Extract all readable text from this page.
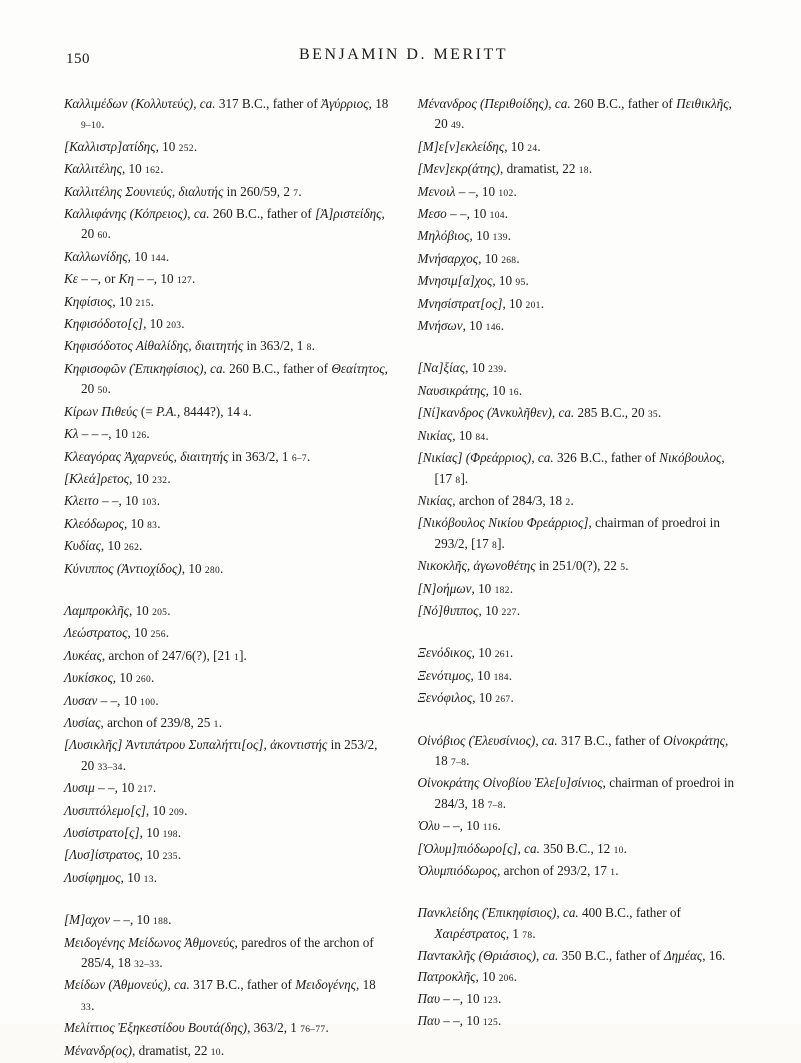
150	BENJAMIN D. MERITT

Καλλιμέδων (Κολλυτεύς), ca. 317 B.C., father of Ἀγύρριος, 18 9–10.

[Καλλιστρ]ατίδης, 10 252.

Καλλιτέλης, 10 162.

Καλλιτέλης Σουνιεύς, διαλυτής in 260/59, 2 7.

Καλλιφάνης (Κόπρειος), ca. 260 B.C., father of [Ἀ]ριστείδης, 20 60.

Καλλωνίδης, 10 144.

Κε – –, or Κη – –, 10 127.

Κηφίσιος, 10 215.

Κηφισόδοτο[ς], 10 203.

Κηφισόδοτος Αἰθαλίδης, διαιτητής in 363/2, 1 8.

Κηφισοφῶν (Ἐπικηφίσιος), ca. 260 B.C., father of Θεαίτητος, 20 50.

Κίρων Πιθεύς (= P.A., 8444?), 14 4.

Κλ – – –, 10 126.

Κλεαγόρας Ἀχαρνεύς, διαιτητής in 363/2, 1 6–7.

[Κλεά]ρετος, 10 232.

Κλειτο – –, 10 103.

Κλεόδωρος, 10 83.

Κυδίας, 10 262.

Κύνιππος (Ἀντιοχίδος), 10 280.

Λαμπροκλῆς, 10 205.

Λεώστρατος, 10 256.

Λυκέας, archon of 247/6(?), [21 1].

Λυκίσκος, 10 260.

Λυσαν – –, 10 100.

Λυσίας, archon of 239/8, 25 1.

[Λυσικλῆς] Ἀντιπάτρου Συπαλήττι[ος], ἀκοντιστής in 253/2, 20 33–34.

Λυσιμ – –, 10 217.

Λυσιπτόλεμο[ς], 10 209.

Λυσίστρατο[ς], 10 198.

[Λυσ]ίστρατος, 10 235.

Λυσίφημος, 10 13.

[Μ]αχον – –, 10 188.

Μειδογένης Μείδωνος Ἀθμονεύς, paredros of the archon of 285/4, 18 32–33.

Μείδων (Ἀθμονεύς), ca. 317 B.C., father of Μειδογένης, 18 33.

Μελίττιος Ἐξηκεστίδου Βουτά(δης), 363/2, 1 76–77.

Μένανδρ(ος), dramatist, 22 10.

Μένανδρος (Περιθοίδης), ca. 260 B.C., father of Πειθικλῆς, 20 49.

[Μ]ε[ν]εκλείδης, 10 24.

[Μεν]εκρ(άτης), dramatist, 22 18.

Μενοιλ – –, 10 102.

Μεσο – –, 10 104.

Μηλόβιος, 10 139.

Μνήσαρχος, 10 268.

Μνησιμ[α]χος, 10 95.

Μνησίστρατ[ος], 10 201.

Μνήσων, 10 146.

[Να]ξίας, 10 239.

Ναυσικράτης, 10 16.

[Νί]κανδρος (Ἀνκυλῆθεν), ca. 285 B.C., 20 35.

Νικίας, 10 84.

[Νικίας] (Φρεάρριος), ca. 326 B.C., father of Νικόβουλος, [17 8].

Νικίας, archon of 284/3, 18 2.

[Νικόβουλος Νικίου Φρεάρριος], chairman of proedroi in 293/2, [17 8].

Νικοκλῆς, ἀγωνοθέτης in 251/0(?), 22 5.

[Ν]οήμων, 10 182.

[Νό]θιππος, 10 227.

Ξενόδικος, 10 261.

Ξενότιμος, 10 184.

Ξενόφιλος, 10 267.

Οἰνόβιος (Ἐλευσίνιος), ca. 317 B.C., father of Οἰνοκράτης, 18 7–8.

Οἰνοκράτης Οἰνοβίου Ἐλε[υ]σίνιος, chairman of proedroi in 284/3, 18 7–8.

Ὀλυ – –, 10 116.

[Ὀλυμ]πιόδωρο[ς], ca. 350 B.C., 12 10.

Ὀλυμπιόδωρος, archon of 293/2, 17 1.

Πανκλείδης (Ἐπικηφίσιος), ca. 400 B.C., father of Χαιρέστρατος, 1 78.

Παντακλῆς (Θριάσιος), ca. 350 B.C., father of Δημέας, 16.

Πατροκλῆς, 10 206.

Παυ – –, 10 123.

Παυ – –, 10 125.
